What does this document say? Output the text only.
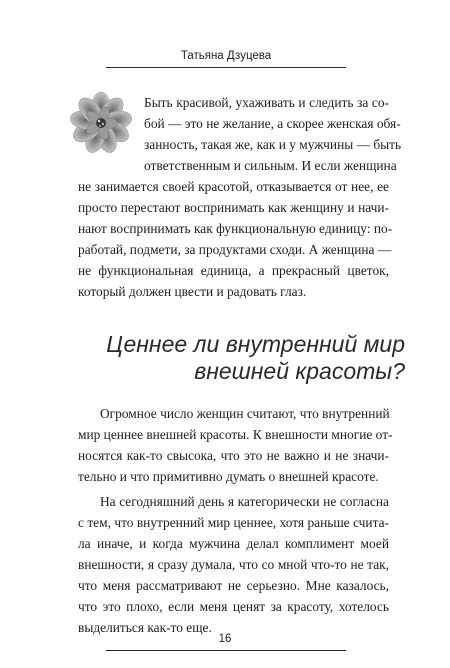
Татьяна Дзуцева

Быть красивой, ухаживать и следить за со-
бой — это не желание, а скорее женская обя-
занность, такая же, как и у мужчины — быть
ответственным и сильным. И если женщина
не занимается своей красотой, отказывается от нее, ее
просто перестают воспринимать как женщину и начи-
нают воспринимать как функциональную единицу: по-
работай, подмети, за продуктами сходи. А женщина —
не функциональная единица, а прекрасный цветок,
который должен цвести и радовать глаз.

Ценнее ли внутренний мир
внешней красоты?

Огромное число женщин считают, что внутренний
мир ценнее внешней красоты. К внешности многие от-
носятся как-то свысока, что это не важно и не значи-
тельно и что примитивно думать о внешней красоте.

На сегодняшний день я категорически не согласна
с тем, что внутренний мир ценнее, хотя раньше счита-
ла иначе, и когда мужчина делал комплимент моей
внешности, я сразу думала, что со мной что-то не так,
что меня рассматривают не серьезно. Мне казалось,
что это плохо, если меня ценят за красоту, хотелось
выделиться как-то еще.

16
